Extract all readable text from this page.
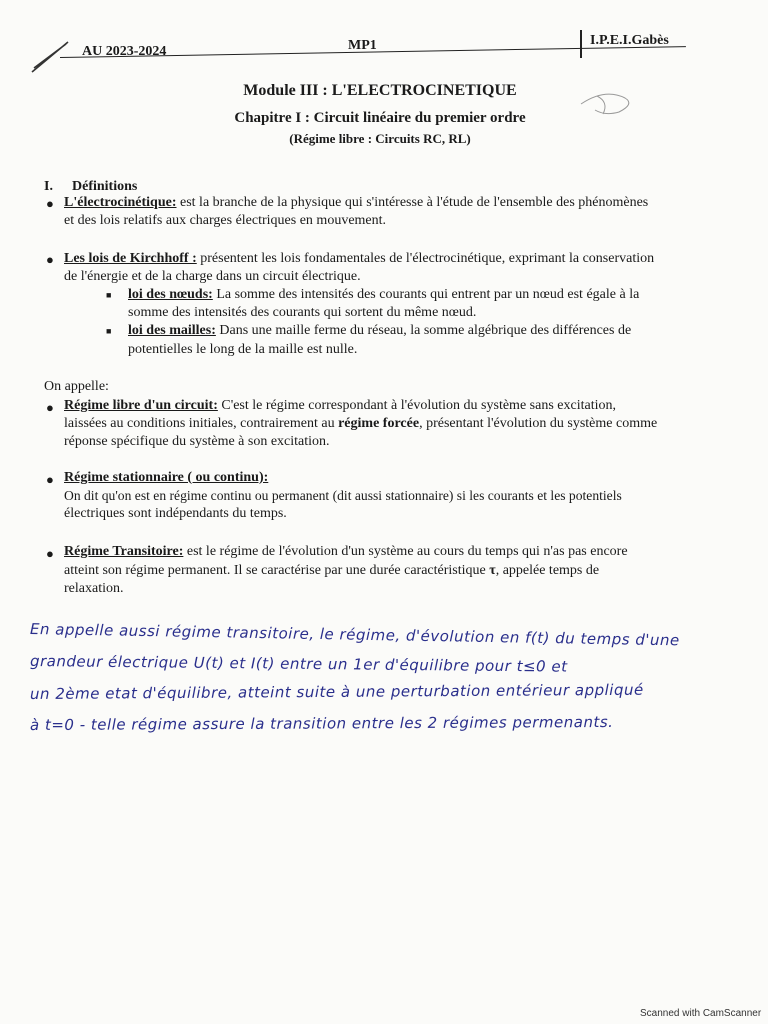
AU 2023-2024	MP1	I.P.E.I.Gabès
Module III : L'ELECTROCINETIQUE
Chapitre I : Circuit linéaire du premier ordre
(Régime libre : Circuits RC, RL)
I. Définitions
● L'électrocinétique: est la branche de la physique qui s'intéresse à l'étude de l'ensemble des phénomènes
et des lois relatifs aux charges électriques en mouvement.
● Les lois de Kirchhoff : présentent les lois fondamentales de l'électrocinétique, exprimant la conservation
de l'énergie et de la charge dans un circuit électrique.
■ loi des nœuds: La somme des intensités des courants qui entrent par un nœud est égale à la
somme des intensités des courants qui sortent du même nœud.
■ loi des mailles: Dans une maille ferme du réseau, la somme algébrique des différences de
potentielles le long de la maille est nulle.
On appelle:
● Régime libre d'un circuit: C'est le régime correspondant à l'évolution du système sans excitation,
laissées au conditions initiales, contrairement au régime forcée, présentant l'évolution du système comme
réponse spécifique du système à son excitation.
● Régime stationnaire ( ou continu):
On dit qu'on est en régime continu ou permanent (dit aussi stationnaire) si les courants et les potentiels
électriques sont indépendants du temps.
● Régime Transitoire: est le régime de l'évolution d'un système au cours du temps qui n'as pas encore
atteint son régime permanent. Il se caractérise par une durée caractéristique τ, appelée temps de
relaxation.
En appelle aussi régime transitoire, le régime, d'évolution en f(t) du temps d'une
grandeur électrique U(t) et I(t) entre un 1er d'équilibre pour t≤0 et
un 2ème etat d'équilibre, atteint suite à une perturbation entérieur appliqué
à t=0 - telle régime assure la transition entre les 2 régimes permenants.
Scanned with CamScanner
